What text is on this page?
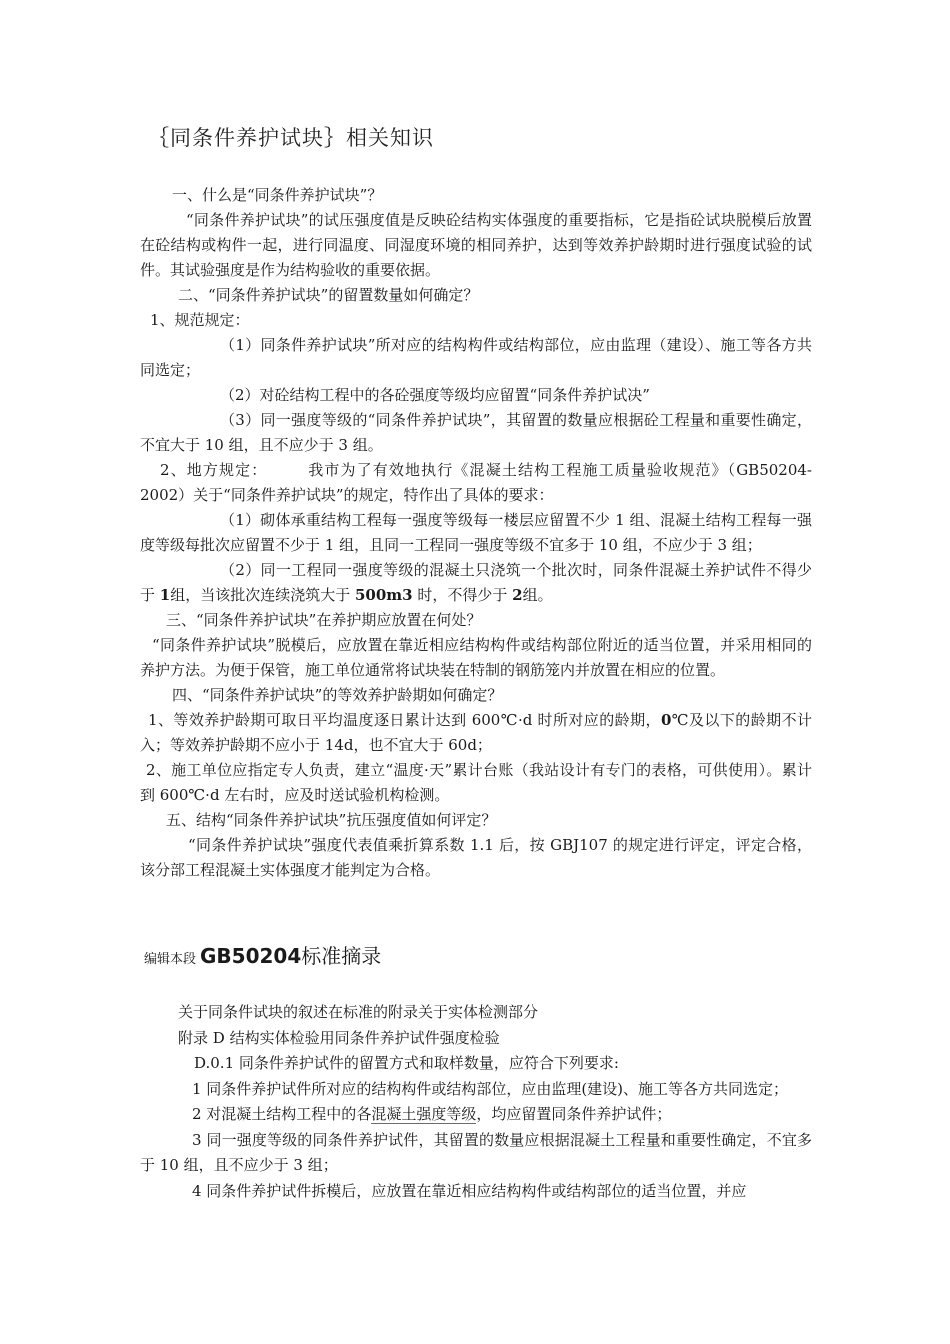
｛同条件养护试块｝相关知识

一、什么是“同条件养护试块”？

“同条件养护试块”的试压强度值是反映砼结构实体强度的重要指标，它是指砼试块脱模后放置在砼结构或构件一起，进行同温度、同湿度环境的相同养护，达到等效养护龄期时进行强度试验的试件。其试验强度是作为结构验收的重要依据。

二、“同条件养护试块”的留置数量如何确定？

1、规范规定：

（1）同条件养护试块”所对应的结构构件或结构部位，应由监理（建设）、施工等各方共同选定；

（2）对砼结构工程中的各砼强度等级均应留置“同条件养护试决”

（3）同一强度等级的“同条件养护试块”，其留置的数量应根据砼工程量和重要性确定，不宜大于 10 组，且不应少于 3 组。

2、地方规定：　　　我市为了有效地执行《混凝土结构工程施工质量验收规范》（GB50204-2002）关于“同条件养护试块”的规定，特作出了具体的要求：

（1）砌体承重结构工程每一强度等级每一楼层应留置不少 1 组、混凝土结构工程每一强度等级每批次应留置不少于 1 组，且同一工程同一强度等级不宜多于 10 组，不应少于 3 组；

（2）同一工程同一强度等级的混凝土只浇筑一个批次时，同条件混凝土养护试件不得少于 1组，当该批次连续浇筑大于 500m3 时，不得少于 2组。

三、“同条件养护试块”在养护期应放置在何处？

“同条件养护试块”脱模后，应放置在靠近相应结构构件或结构部位附近的适当位置，并采用相同的养护方法。为便于保管，施工单位通常将试块装在特制的钢筋笼内并放置在相应的位置。

四、“同条件养护试块”的等效养护龄期如何确定？

1、等效养护龄期可取日平均温度逐日累计达到 600℃·d 时所对应的龄期，0℃及以下的龄期不计入；等效养护龄期不应小于 14d，也不宜大于 60d；

2、施工单位应指定专人负责，建立“温度·天”累计台账（我站设计有专门的表格，可供使用）。累计到 600℃·d 左右时，应及时送试验机构检测。

五、结构“同条件养护试块”抗压强度值如何评定？

“同条件养护试块”强度代表值乘折算系数 1.1 后，按 GBJ107 的规定进行评定，评定合格，该分部工程混凝土实体强度才能判定为合格。

编辑本段 GB50204标准摘录

关于同条件试块的叙述在标准的附录关于实体检测部分

附录 D 结构实体检验用同条件养护试件强度检验

D.0.1 同条件养护试件的留置方式和取样数量，应符合下列要求:

1 同条件养护试件所对应的结构构件或结构部位，应由监理(建设)、施工等各方共同选定；

2 对混凝土结构工程中的各混凝土强度等级，均应留置同条件养护试件；

3 同一强度等级的同条件养护试件，其留置的数量应根据混凝土工程量和重要性确定，不宜多于 10 组，且不应少于 3 组；

4 同条件养护试件拆模后，应放置在靠近相应结构构件或结构部位的适当位置，并应
